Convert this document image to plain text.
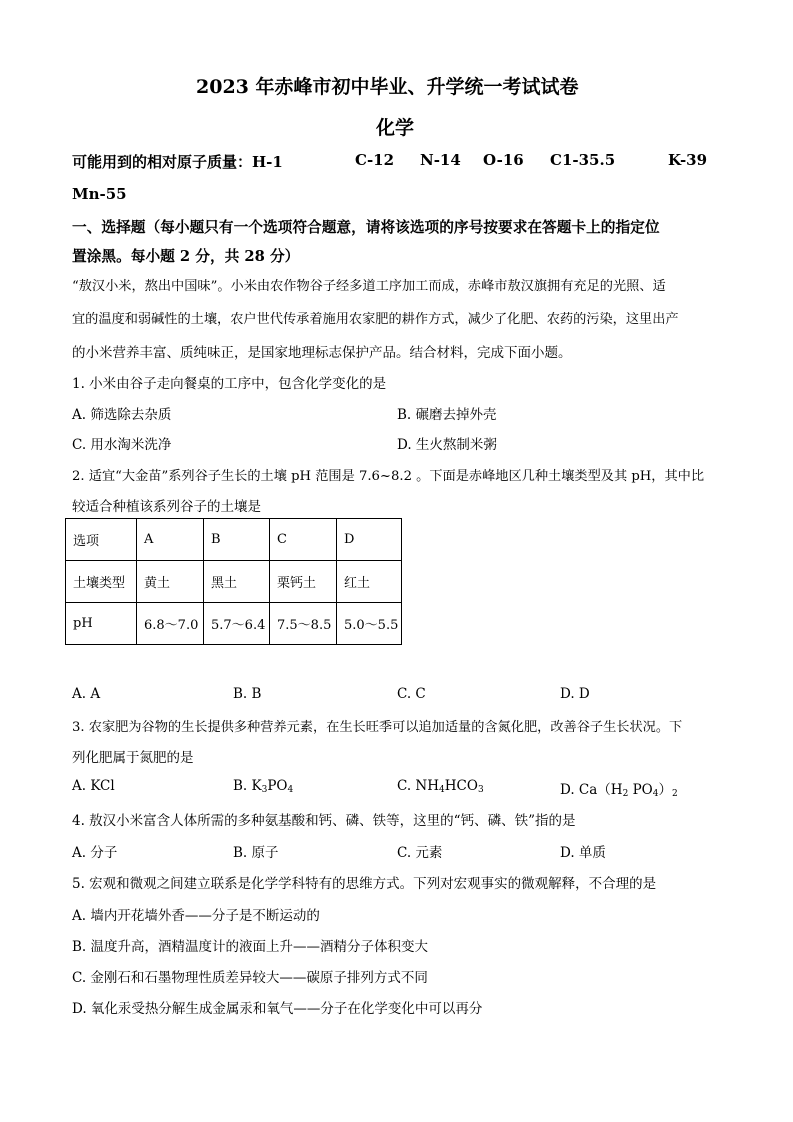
2023 年赤峰市初中毕业、升学统一考试试卷
化学
可能用到的相对原子质量：H-1	C-12 N-14 O-16 C1-35.5	K-39
Mn-55
一、选择题（每小题只有一个选项符合题意，请将该选项的序号按要求在答题卡上的指定位
置涂黑。每小题 2 分，共 28 分）
“敖汉小米，熬出中国味”。小米由农作物谷子经多道工序加工而成，赤峰市敖汉旗拥有充足的光照、适
宜的温度和弱碱性的土壤，农户世代传承着施用农家肥的耕作方式，减少了化肥、农药的污染，这里出产
的小米营养丰富、质纯味正，是国家地理标志保护产品。结合材料，完成下面小题。
1. 小米由谷子走向餐桌的工序中，包含化学变化的是
A. 筛选除去杂质	B. 碾磨去掉外壳
C. 用水淘米洗净	D. 生火熬制米粥
2. 适宜“大金苗”系列谷子生长的土壤 pH 范围是 7.6~8.2 。下面是赤峰地区几种土壤类型及其 pH，其中比
较适合种植该系列谷子的土壤是
选项	A	B	C	D
土壤类型	黄土	黑土	栗钙土	红土
pH	6.8～7.0	5.7～6.4	7.5～8.5	5.0～5.5
A. A	B. B	C. C	D. D
3. 农家肥为谷物的生长提供多种营养元素，在生长旺季可以追加适量的含氮化肥，改善谷子生长状况。下
列化肥属于氮肥的是
A. KCl	B. $K_3PO_4$	C. $NH_4HCO_3$	D. $Ca(H_2$ $PO_4)_2$
4. 敖汉小米富含人体所需的多种氨基酸和钙、磷、铁等，这里的“钙、磷、铁”指的是
A. 分子	B. 原子	C. 元素	D. 单质
5. 宏观和微观之间建立联系是化学学科特有的思维方式。下列对宏观事实的微观解释，不合理的是
A. 墙内开花墙外香——分子是不断运动的
B. 温度升高，酒精温度计的液面上升——酒精分子体积变大
C. 金刚石和石墨物理性质差异较大——碳原子排列方式不同
D. 氧化汞受热分解生成金属汞和氧气——分子在化学变化中可以再分
